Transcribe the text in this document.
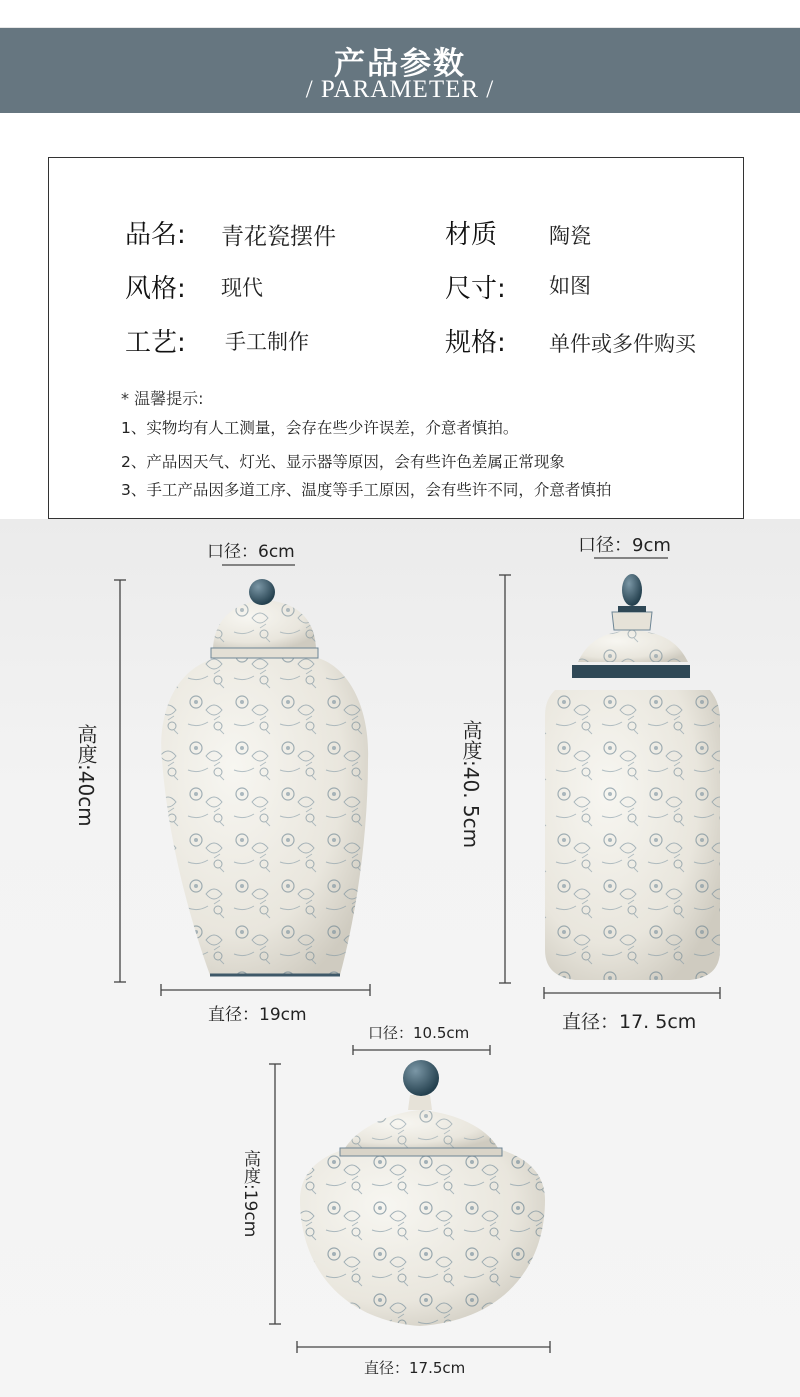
产品参数
/ PARAMETER /
品名: 青花瓷摆件	材质 陶瓷
风格: 现代	尺寸: 如图
工艺: 手工制作	规格: 单件或多件购买
* 温馨提示:
1、实物均有人工测量，会存在些少许误差，介意者慎拍。
2、产品因天气、灯光、显示器等原因，会有些许色差属正常现象
3、手工产品因多道工序、温度等手工原因，会有些许不同，介意者慎拍
口径：6cm
高度:40cm
直径：19cm
口径：9cm
高度:40. 5cm
直径：17. 5cm
口径：10.5cm
高度:19cm
直径：17.5cm
